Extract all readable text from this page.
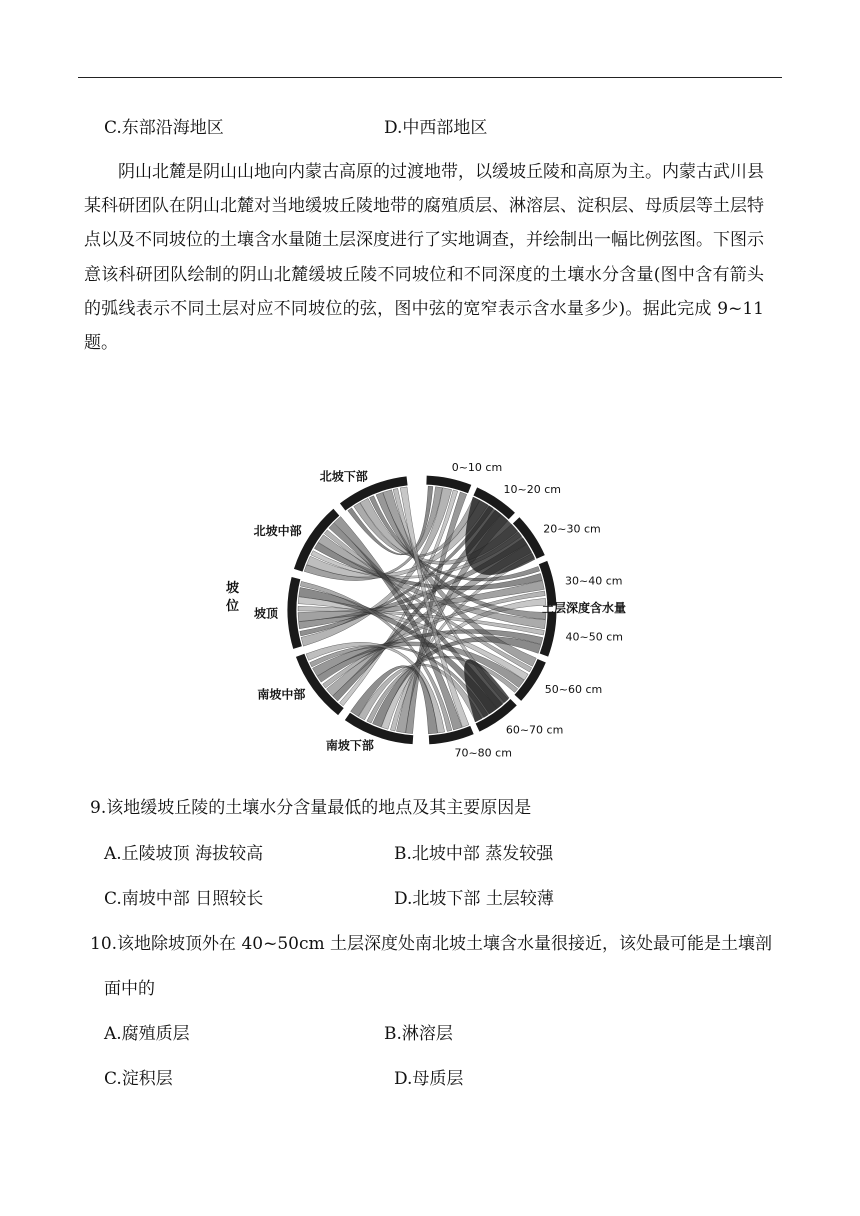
C.东部沿海地区	D.中西部地区
阴山北麓是阴山山地向内蒙古高原的过渡地带，以缓坡丘陵和高原为主。内蒙古武川县某科研团队在阴山北麓对当地缓坡丘陵地带的腐殖质层、淋溶层、淀积层、母质层等土层特点以及不同坡位的土壤含水量随土层深度进行了实地调查，并绘制出一幅比例弦图。下图示意该科研团队绘制的阴山北麓缓坡丘陵不同坡位和不同深度的土壤水分含量(图中含有箭头的弧线表示不同土层对应不同坡位的弦，图中弦的宽窄表示含水量多少)。据此完成 9~11 题。
坡
位	土层深度含水量
0~10 cm
10~20 cm
20~30 cm
30~40 cm
40~50 cm
50~60 cm
60~70 cm
70~80 cm
北坡下部
北坡中部
坡顶
南坡中部
南坡下部
9.该地缓坡丘陵的土壤水分含量最低的地点及其主要原因是
A.丘陵坡顶 海拔较高	B.北坡中部 蒸发较强
C.南坡中部 日照较长	D.北坡下部 土层较薄
10.该地除坡顶外在 40~50cm 土层深度处南北坡土壤含水量很接近，该处最可能是土壤剖
面中的
A.腐殖质层	B.淋溶层
C.淀积层	D.母质层
